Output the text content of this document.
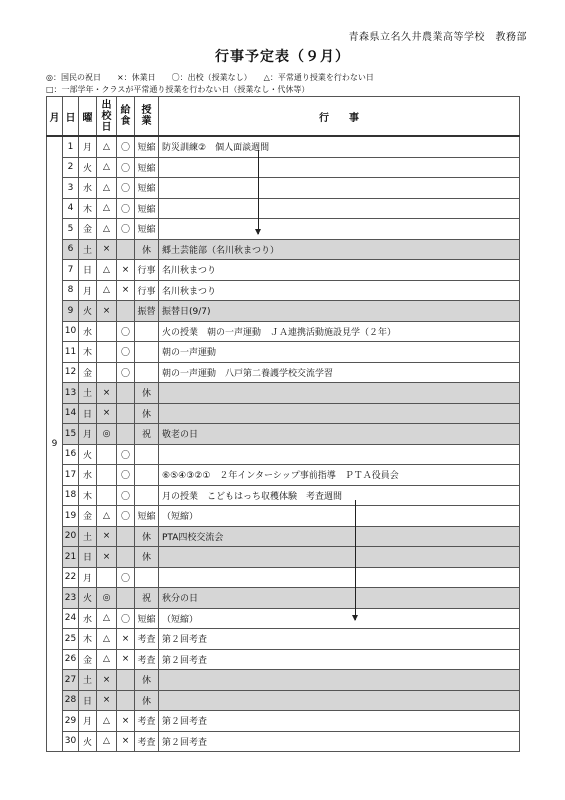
青森県立名久井農業高等学校　教務部
行事予定表（９月）
◎：国民の祝日　　×：休業日　　〇：出校（授業なし）　　△：平常通り授業を行わない日
□：一部学年・クラスが平常通り授業を行わない日（授業なし・代休等）
月	日	曜	出校日	給食	授業	行　　事
9	1	月	△	〇	短縮	防災訓練②　個人面談週間
	2	火	△	〇	短縮	
	3	水	△	〇	短縮	
	4	木	△	〇	短縮	
	5	金	△	〇	短縮	
	6	土	×		休	郷土芸能部（名川秋まつり）
	7	日	△	×	行事	名川秋まつり
	8	月	△	×	行事	名川秋まつり
	9	火	×		振替	振替日(9/7)
	10	水		〇		火の授業　朝の一声運動　ＪＡ連携活動施設見学（２年）
	11	木		〇		朝の一声運動
	12	金		〇		朝の一声運動　八戸第二養護学校交流学習
	13	土	×		休	
	14	日	×		休	
	15	月	◎		祝	敬老の日
	16	火		〇		
	17	水		〇		⑥⑤④③②①　２年インターシップ事前指導　ＰＴＡ役員会
	18	木		〇		月の授業　こどもはっち収穫体験　考査週間
	19	金	△	〇	短縮	（短縮）
	20	土	×		休	PTA四校交流会
	21	日	×		休	
	22	月		〇		
	23	火	◎		祝	秋分の日
	24	水	△	〇	短縮	（短縮）
	25	木	△	×	考査	第２回考査
	26	金	△	×	考査	第２回考査
	27	土	×		休	
	28	日	×		休	
	29	月	△	×	考査	第２回考査
	30	火	△	×	考査	第２回考査
